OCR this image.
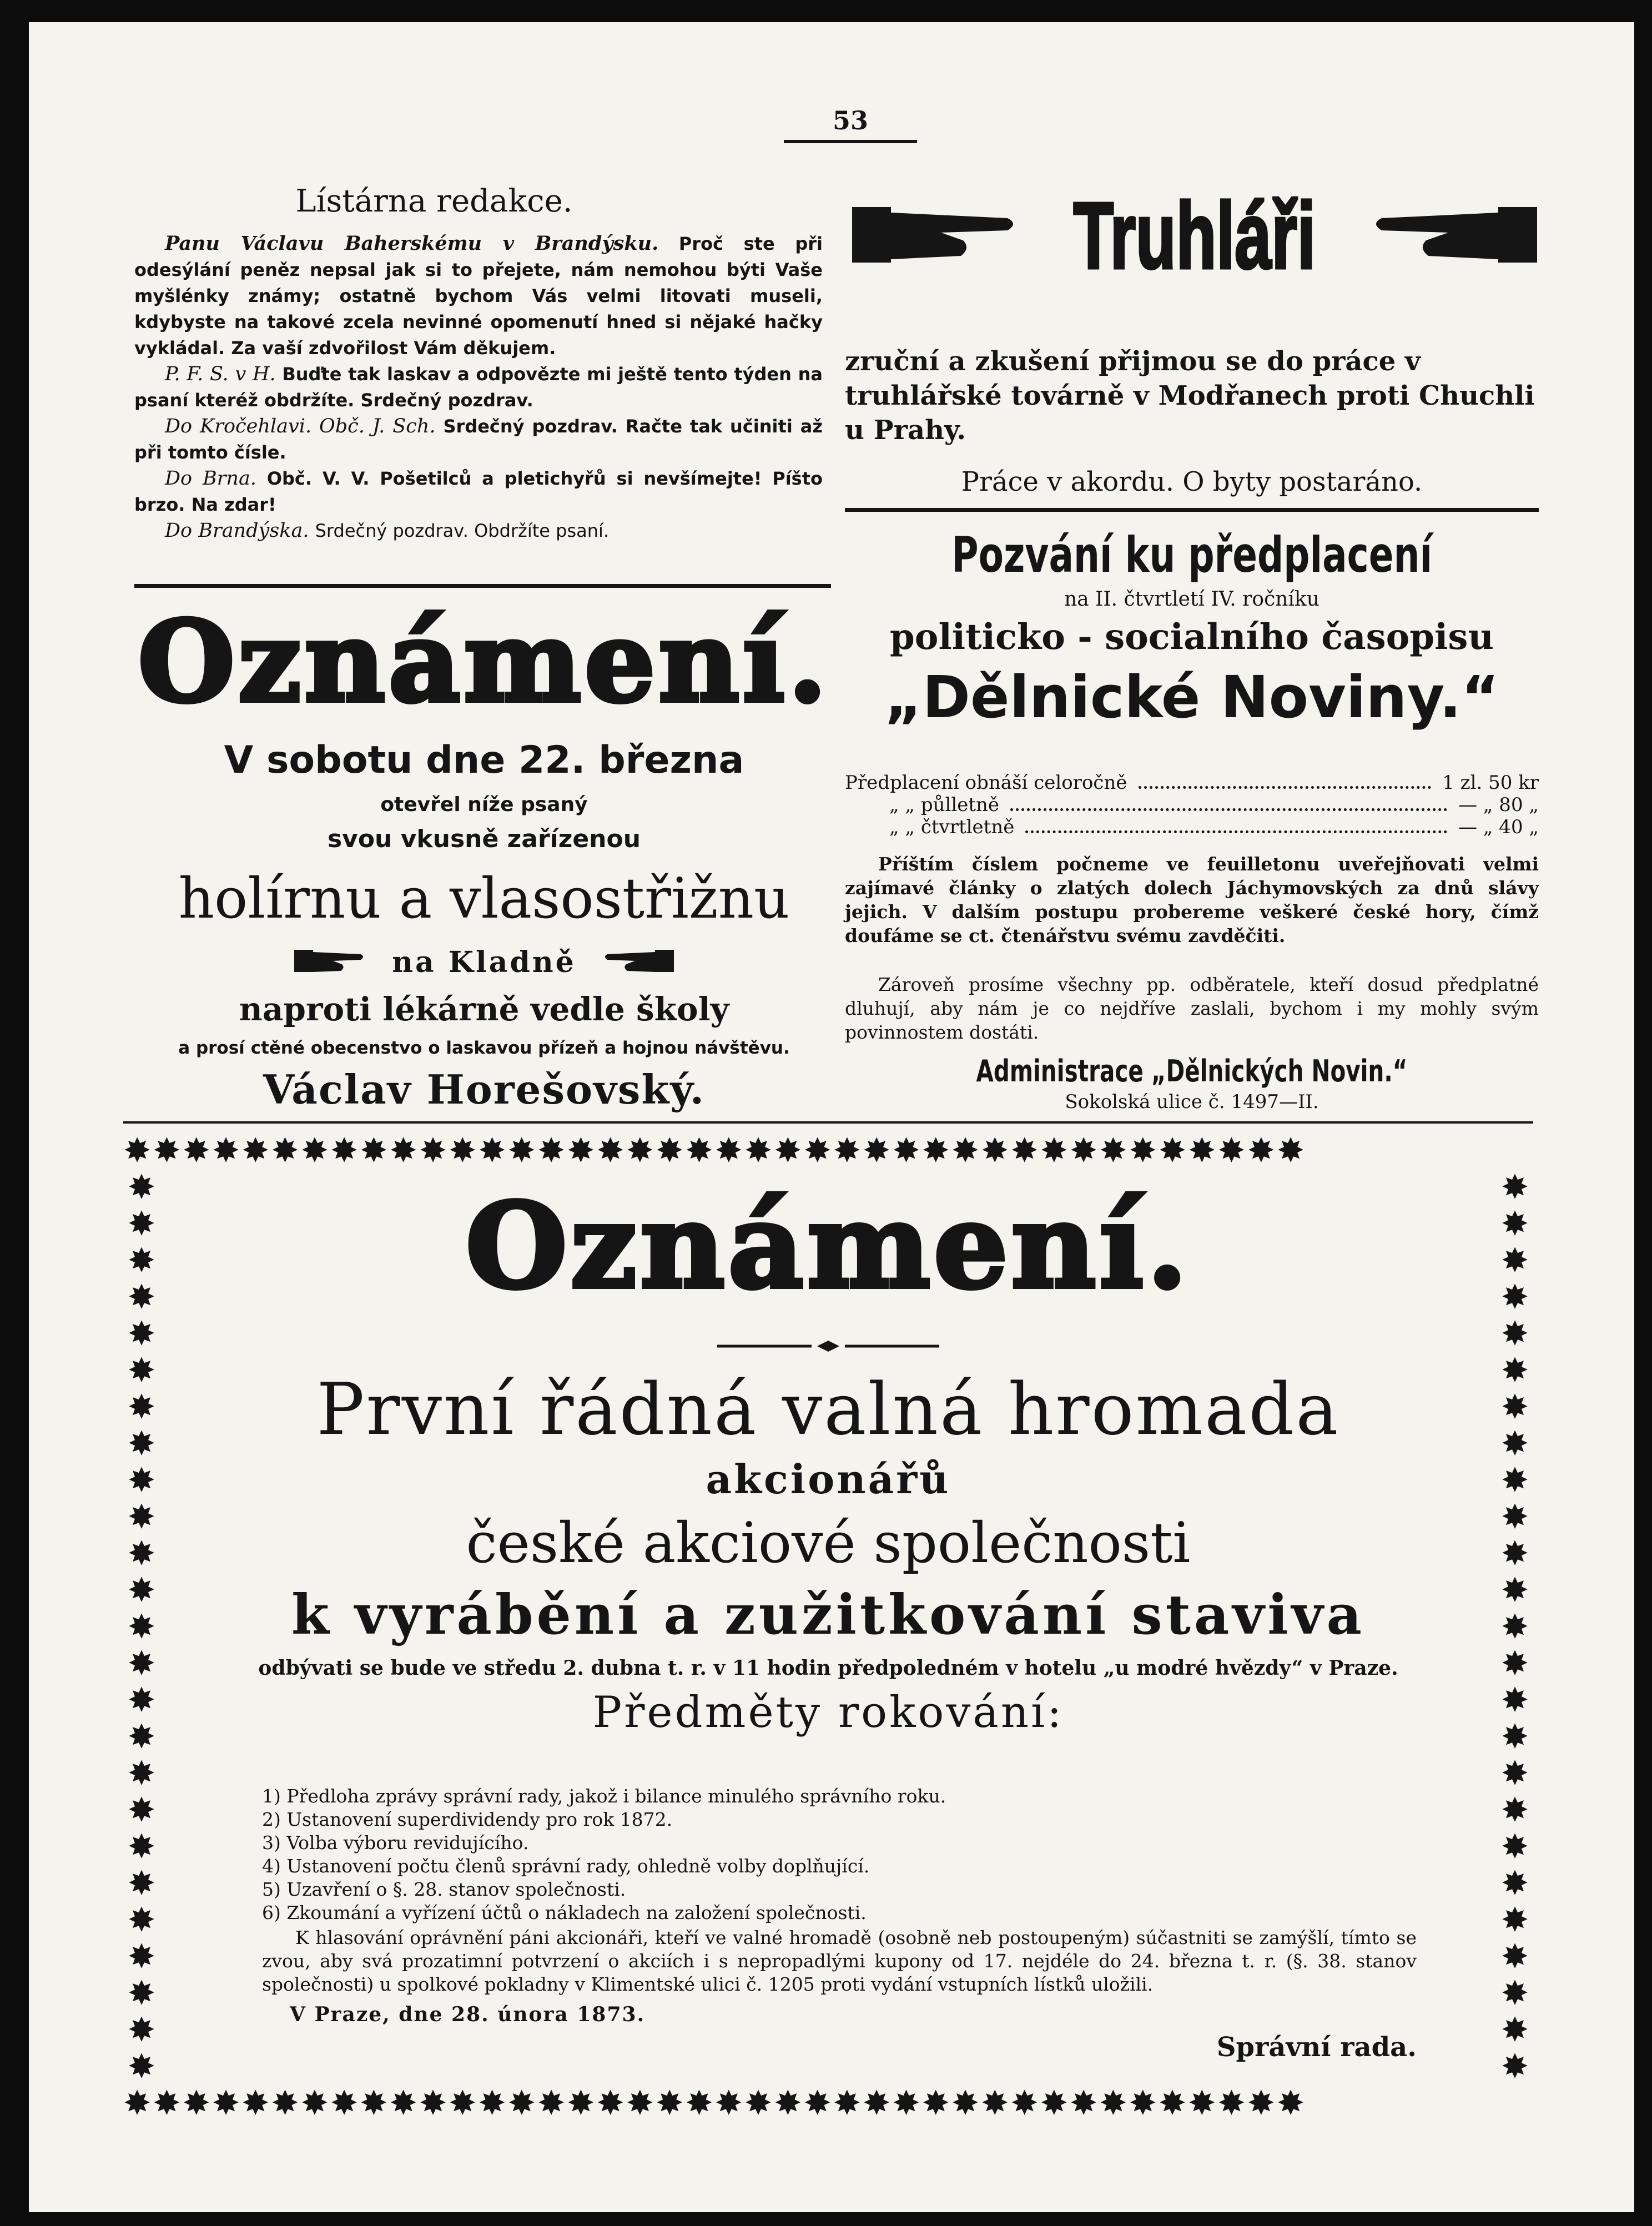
53
Lístárna redakce.
Panu Václavu Baherskému v Brandýsku. Proč ste při odesýlání peněz nepsal jak si to přejete, nám nemohou býti Vaše myšlénky známy; ostatně bychom Vás velmi litovati museli, kdybyste na takové zcela nevinné opomenutí hned si nějaké hačky vykládal. Za vaší zdvořilost Vám děkujem.
P. F. S. v H. Buďte tak laskav a odpovězte mi ještě tento týden na psaní kteréž obdržíte. Srdečný pozdrav.
Do Kročehlavi. Obč. J. Sch. Srdečný pozdrav. Račte tak učiniti až při tomto čísle.
Do Brna. Obč. V. V. Pošetilců a pletichyřů si nevšímejte! Píšto brzo. Na zdar!
Do Brandýska. Srdečný pozdrav. Obdržíte psaní.
Oznámení.
V sobotu dne 22. března
otevřel níže psaný
svou vkusně zařízenou
holírnu a vlasostřižnu
na Kladně
naproti lékárně vedle školy
a prosí ctěné obecenstvo o laskavou přízeň a hojnou návštěvu.
Václav Horešovský.
Truhláři
zruční a zkušení přijmou se do práce v truhlářské továrně v Modřanech proti Chuchli u Prahy.
Práce v akordu. O byty postaráno.
Pozvání ku předplacení
na II. čtvrtletí IV. ročníku
politicko - socialního časopisu
„Dělnické Noviny.“
Předplacení obnáší celoročně	1 zl. 50 kr
„ „ půlletně	— „ 80 „
„ „ čtvrtletně	— „ 40 „
Příštím číslem počneme ve feuilletonu uveřejňovati velmi zajímavé články o zlatých dolech Jáchymovských za dnů slávy jejich. V dalším postupu probereme veškeré české hory, čímž doufáme se ct. čtenářstvu svému zavděčiti.
Zároveň prosíme všechny pp. odběratele, kteří dosud předplatné dluhují, aby nám je co nejdříve zaslali, bychom i my mohly svým povinnostem dostáti.
Administrace „Dělnických Novin.“
Sokolská ulice č. 1497—II.
✸✸✸✸✸✸✸✸✸✸✸✸✸✸✸✸✸✸✸✸✸✸✸✸✸✸✸✸✸✸✸✸✸✸✸✸✸✸✸✸
✸✸✸✸✸✸✸✸✸✸✸✸✸✸✸✸✸✸✸✸✸✸✸✸✸✸✸✸✸✸✸✸✸✸✸✸✸✸✸✸
✸
✸
✸
✸
✸
✸
✸
✸
✸
✸
✸
✸
✸
✸
✸
✸
✸
✸
✸
✸
✸
✸
✸
✸
✸
✸
✸
✸
✸
✸
✸
✸
✸
✸
✸
✸
✸
✸
✸
✸
✸
✸
✸
✸
✸
✸
✸
✸
✸
✸
Oznámení.
První řádná valná hromada
akcionářů
české akciové společnosti
k vyrábění a zužitkování staviva
odbývati se bude ve středu 2. dubna t. r. v 11 hodin předpoledném v hotelu „u modré hvězdy“ v Praze.
Předměty rokování:
1) Předloha zprávy správní rady, jakož i bilance minulého správního roku.
2) Ustanovení superdividendy pro rok 1872.
3) Volba výboru revidujícího.
4) Ustanovení počtu členů správní rady, ohledně volby doplňující.
5) Uzavření o §. 28. stanov společnosti.
6) Zkoumání a vyřízení účtů o nákladech na založení společnosti.
K hlasování oprávnění páni akcionáři, kteří ve valné hromadě (osobně neb postoupeným) súčastniti se zamýšlí, tímto se zvou, aby svá prozatimní potvrzení o akciích i s nepropadlými kupony od 17. nejdéle do 24. března t. r. (§. 38. stanov společnosti) u spolkové pokladny v Klimentské ulici č. 1205 proti vydání vstupních lístků uložili.
V Praze, dne 28. února 1873.
Správní rada.
